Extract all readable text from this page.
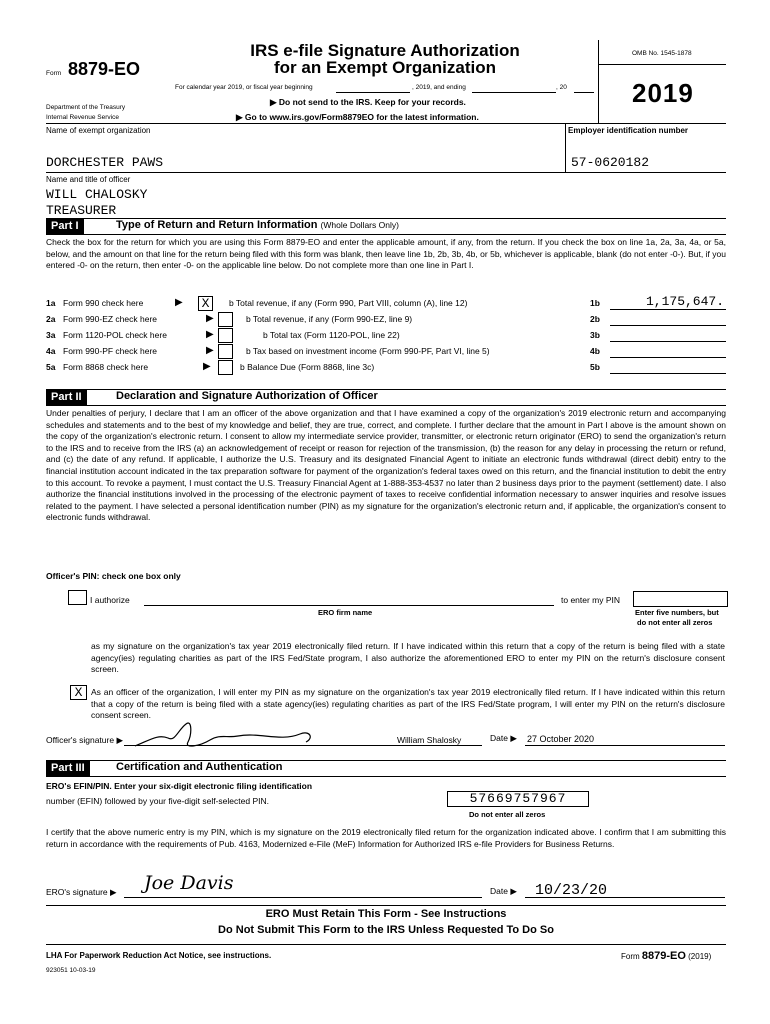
Form 8879-EO
Department of the Treasury
Internal Revenue Service
IRS e-file Signature Authorization
for an Exempt Organization
For calendar year 2019, or fiscal year beginning	, 2019, and ending	, 20
▶ Do not send to the IRS. Keep for your records.
▶ Go to www.irs.gov/Form8879EO for the latest information.
OMB No. 1545-1878
2019
Name of exempt organization	Employer identification number
DORCHESTER PAWS	57-0620182
Name and title of officer
WILL CHALOSKY
TREASURER
Part I	Type of Return and Return Information (Whole Dollars Only)
Check the box for the return for which you are using this Form 8879-EO and enter the applicable amount, if any, from the return. If you check the box on line 1a, 2a, 3a, 4a, or 5a, below, and the amount on that line for the return being filed with this form was blank, then leave line 1b, 2b, 3b, 4b, or 5b, whichever is applicable, blank (do not enter -0-). But, if you entered -0- on the return, then enter -0- on the applicable line below. Do not complete more than one line in Part I.
1a Form 990 check here	▶ X	b Total revenue, if any (Form 990, Part VIII, column (A), line 12)	1b	1,175,647.
2a Form 990-EZ check here	▶	b Total revenue, if any (Form 990-EZ, line 9)	2b
3a Form 1120-POL check here	▶	b Total tax (Form 1120-POL, line 22)	3b
4a Form 990-PF check here	▶	b Tax based on investment income (Form 990-PF, Part VI, line 5)	4b
5a Form 8868 check here	▶	b Balance Due (Form 8868, line 3c)	5b
Part II	Declaration and Signature Authorization of Officer
Under penalties of perjury, I declare that I am an officer of the above organization and that I have examined a copy of the organization's 2019 electronic return and accompanying schedules and statements and to the best of my knowledge and belief, they are true, correct, and complete. I further declare that the amount in Part I above is the amount shown on the copy of the organization's electronic return. I consent to allow my intermediate service provider, transmitter, or electronic return originator (ERO) to send the organization's return to the IRS and to receive from the IRS (a) an acknowledgement of receipt or reason for rejection of the transmission, (b) the reason for any delay in processing the return or refund, and (c) the date of any refund. If applicable, I authorize the U.S. Treasury and its designated Financial Agent to initiate an electronic funds withdrawal (direct debit) entry to the financial institution account indicated in the tax preparation software for payment of the organization's federal taxes owed on this return, and the financial institution to debit the entry to this account. To revoke a payment, I must contact the U.S. Treasury Financial Agent at 1-888-353-4537 no later than 2 business days prior to the payment (settlement) date. I also authorize the financial institutions involved in the processing of the electronic payment of taxes to receive confidential information necessary to answer inquiries and resolve issues related to the payment. I have selected a personal identification number (PIN) as my signature for the organization's electronic return and, if applicable, the organization's consent to electronic funds withdrawal.
Officer's PIN: check one box only
I authorize
ERO firm name
to enter my PIN
Enter five numbers, but
do not enter all zeros
as my signature on the organization's tax year 2019 electronically filed return. If I have indicated within this return that a copy of the return is being filed with a state agency(ies) regulating charities as part of the IRS Fed/State program, I also authorize the aforementioned ERO to enter my PIN on the return's disclosure consent screen.
X	As an officer of the organization, I will enter my PIN as my signature on the organization's tax year 2019 electronically filed return. If I have indicated within this return that a copy of the return is being filed with a state agency(ies) regulating charities as part of the IRS Fed/State program, I will enter my PIN on the return's disclosure consent screen.
Officer's signature ▶	William Shalosky	Date ▶ 27 October 2020
Part III	Certification and Authentication
ERO's EFIN/PIN. Enter your six-digit electronic filing identification
number (EFIN) followed by your five-digit self-selected PIN.	57669757967
Do not enter all zeros
I certify that the above numeric entry is my PIN, which is my signature on the 2019 electronically filed return for the organization indicated above. I confirm that I am submitting this return in accordance with the requirements of Pub. 4163, Modernized e-File (MeF) Information for Authorized IRS e-file Providers for Business Returns.
ERO's signature ▶ Joe Davis	Date ▶ 10/23/20
ERO Must Retain This Form - See Instructions
Do Not Submit This Form to the IRS Unless Requested To Do So
LHA For Paperwork Reduction Act Notice, see instructions.
923051 10-03-19
Form 8879-EO (2019)
